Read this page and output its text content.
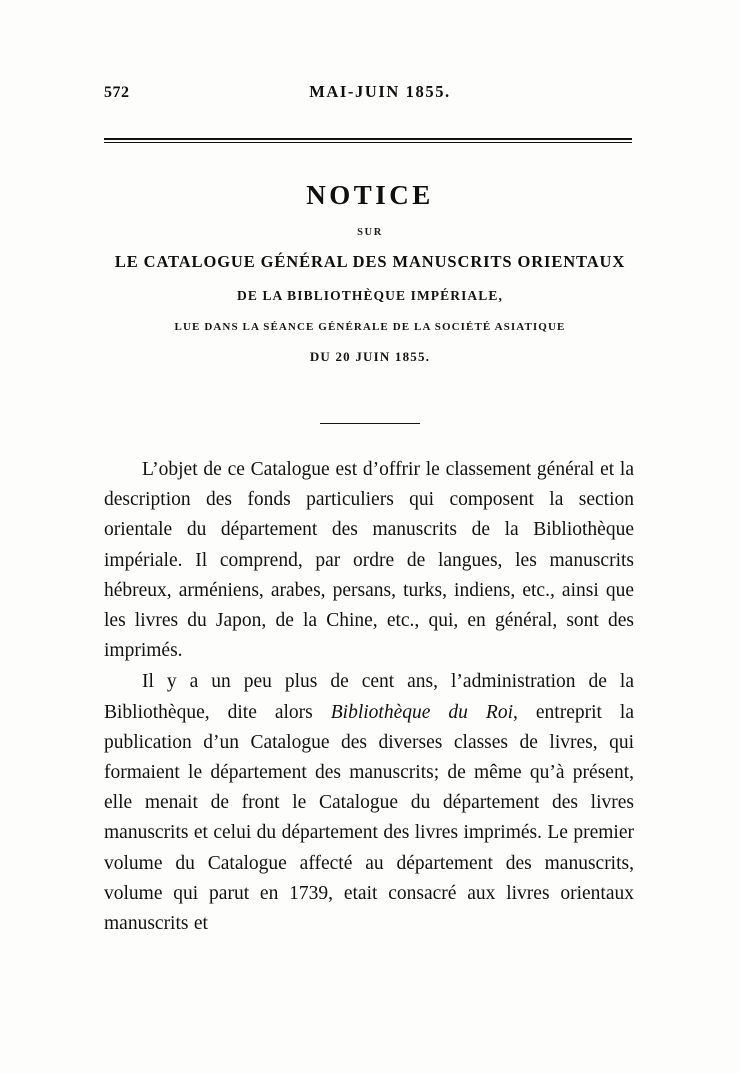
572	MAI-JUIN 1855.
NOTICE
SUR
LE CATALOGUE GÉNÉRAL DES MANUSCRITS ORIENTAUX
DE LA BIBLIOTHÈQUE IMPÉRIALE,
LUE DANS LA SÉANCE GÉNÉRALE DE LA SOCIÉTÉ ASIATIQUE
DU 20 JUIN 1855.

L’objet de ce Catalogue est d’offrir le classement général et la description des fonds particuliers qui composent la section orientale du département des manuscrits de la Bibliothèque impériale. Il comprend, par ordre de langues, les manuscrits hébreux, arméniens, arabes, persans, turks, indiens, etc., ainsi que les livres du Japon, de la Chine, etc., qui, en général, sont des imprimés.

Il y a un peu plus de cent ans, l’administration de la Bibliothèque, dite alors Bibliothèque du Roi, entreprit la publication d’un Catalogue des diverses classes de livres, qui formaient le département des manuscrits; de même qu’à présent, elle menait de front le Catalogue du département des livres manuscrits et celui du département des livres imprimés. Le premier volume du Catalogue affecté au département des manuscrits, volume qui parut en 1739, etait consacré aux livres orientaux manuscrits et
